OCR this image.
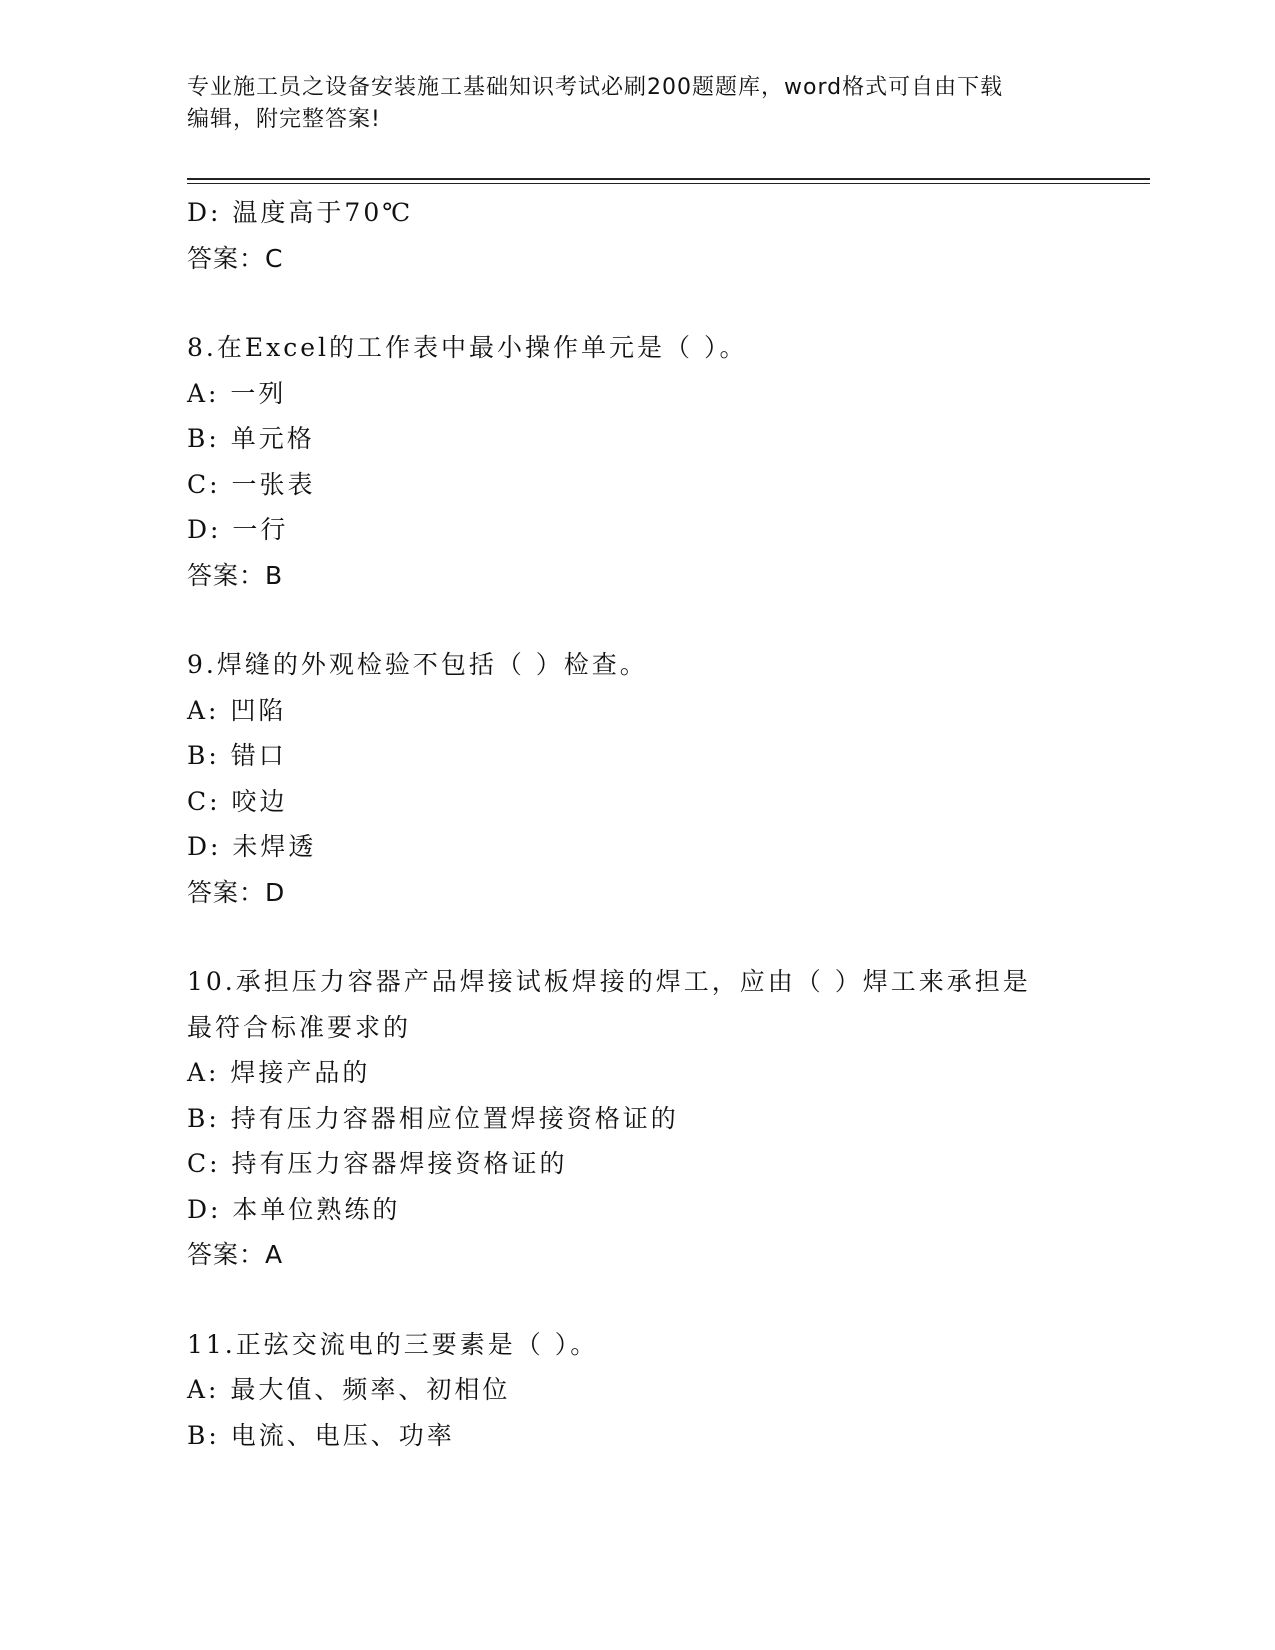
专业施工员之设备安装施工基础知识考试必刷200题题库，word格式可自由下载
编辑，附完整答案!
D: 温度高于70℃
答案：C
8.在Excel的工作表中最小操作单元是（ ）。
A: 一列
B: 单元格
C: 一张表
D: 一行
答案：B
9.焊缝的外观检验不包括（ ）检查。
A: 凹陷
B: 错口
C: 咬边
D: 未焊透
答案：D
10.承担压力容器产品焊接试板焊接的焊工，应由（ ）焊工来承担是
最符合标准要求的
A: 焊接产品的
B: 持有压力容器相应位置焊接资格证的
C: 持有压力容器焊接资格证的
D: 本单位熟练的
答案：A
11.正弦交流电的三要素是（ ）。
A: 最大值、频率、初相位
B: 电流、电压、功率
